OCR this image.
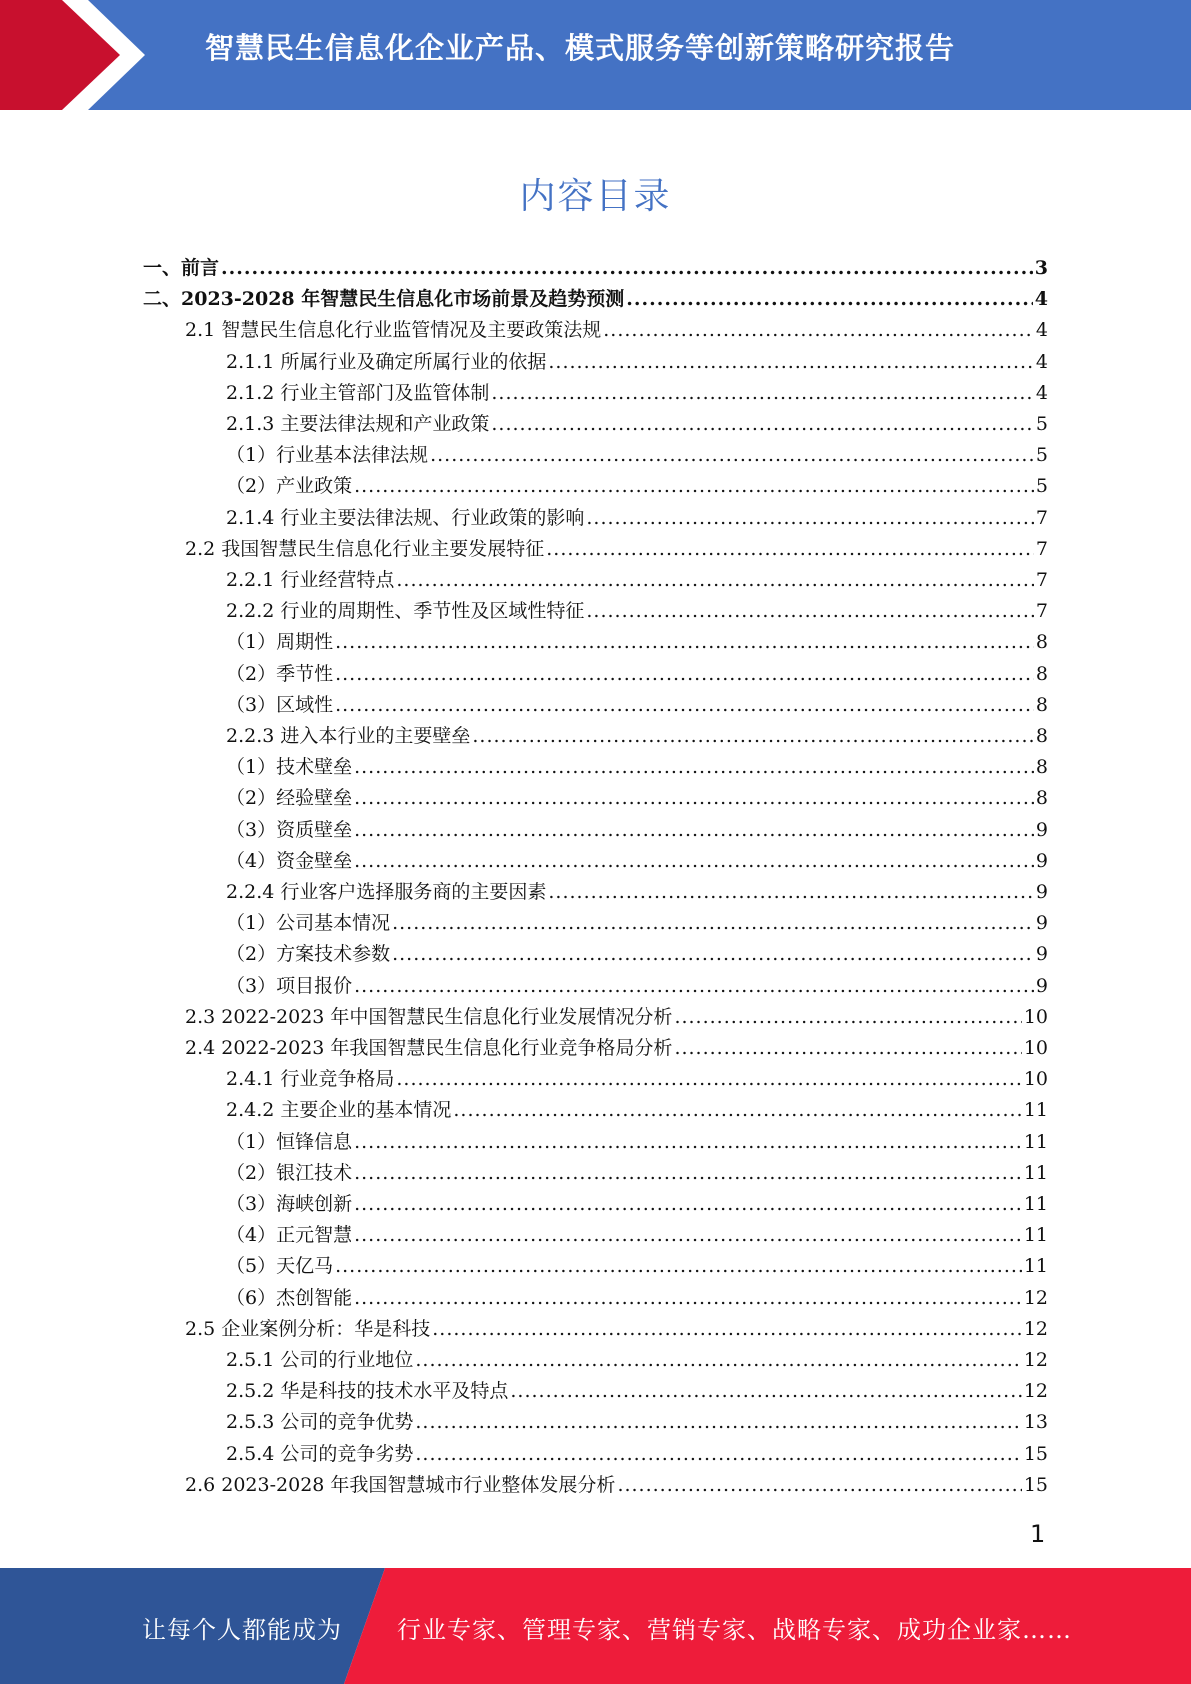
智慧民生信息化企业产品、模式服务等创新策略研究报告
内容目录
一、前言 .....	3
二、2023-2028 年智慧民生信息化市场前景及趋势预测 .....	4
2.1 智慧民生信息化行业监管情况及主要政策法规 .....	4
2.1.1 所属行业及确定所属行业的依据 .....	4
2.1.2 行业主管部门及监管体制 .....	4
2.1.3 主要法律法规和产业政策 .....	5
（1）行业基本法律法规 .....	5
（2）产业政策 .....	5
2.1.4 行业主要法律法规、行业政策的影响 .....	7
2.2 我国智慧民生信息化行业主要发展特征 .....	7
2.2.1 行业经营特点 .....	7
2.2.2 行业的周期性、季节性及区域性特征 .....	7
（1）周期性 .....	8
（2）季节性 .....	8
（3）区域性 .....	8
2.2.3 进入本行业的主要壁垒 .....	8
（1）技术壁垒 .....	8
（2）经验壁垒 .....	8
（3）资质壁垒 .....	9
（4）资金壁垒 .....	9
2.2.4 行业客户选择服务商的主要因素 .....	9
（1）公司基本情况 .....	9
（2）方案技术参数 .....	9
（3）项目报价 .....	9
2.3 2022-2023 年中国智慧民生信息化行业发展情况分析 .....	10
2.4 2022-2023 年我国智慧民生信息化行业竞争格局分析 .....	10
2.4.1 行业竞争格局 .....	10
2.4.2 主要企业的基本情况 .....	11
（1）恒锋信息 .....	11
（2）银江技术 .....	11
（3）海峡创新 .....	11
（4）正元智慧 .....	11
（5）天亿马 .....	11
（6）杰创智能 .....	12
2.5 企业案例分析：华是科技 .....	12
2.5.1 公司的行业地位 .....	12
2.5.2 华是科技的技术水平及特点 .....	12
2.5.3 公司的竞争优势 .....	13
2.5.4 公司的竞争劣势 .....	15
2.6 2023-2028 年我国智慧城市行业整体发展分析 .....	15
1
让每个人都能成为 行业专家、管理专家、营销专家、战略专家、成功企业家……
